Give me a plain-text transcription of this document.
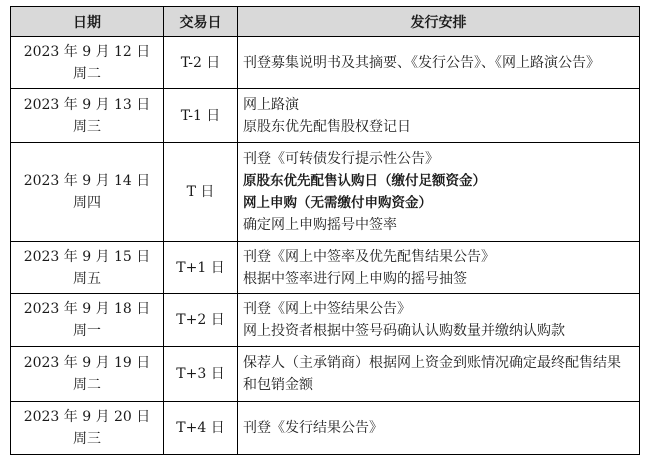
日期	交易日	发行安排

2023 年 9 月 12 日
周二	T-2 日	刊登募集说明书及其摘要、《发行公告》、《网上路演公告》

2023 年 9 月 13 日
周三	T-1 日	网上路演
原股东优先配售股权登记日

2023 年 9 月 14 日
周四	T 日	刊登《可转债发行提示性公告》
原股东优先配售认购日（缴付足额资金）
网上申购（无需缴付申购资金）
确定网上申购摇号中签率

2023 年 9 月 15 日
周五	T+1 日	刊登《网上中签率及优先配售结果公告》
根据中签率进行网上申购的摇号抽签

2023 年 9 月 18 日
周一	T+2 日	刊登《网上中签结果公告》
网上投资者根据中签号码确认认购数量并缴纳认购款

2023 年 9 月 19 日
周二	T+3 日	保荐人（主承销商）根据网上资金到账情况确定最终配售结果和包销金额

2023 年 9 月 20 日
周三	T+4 日	刊登《发行结果公告》
